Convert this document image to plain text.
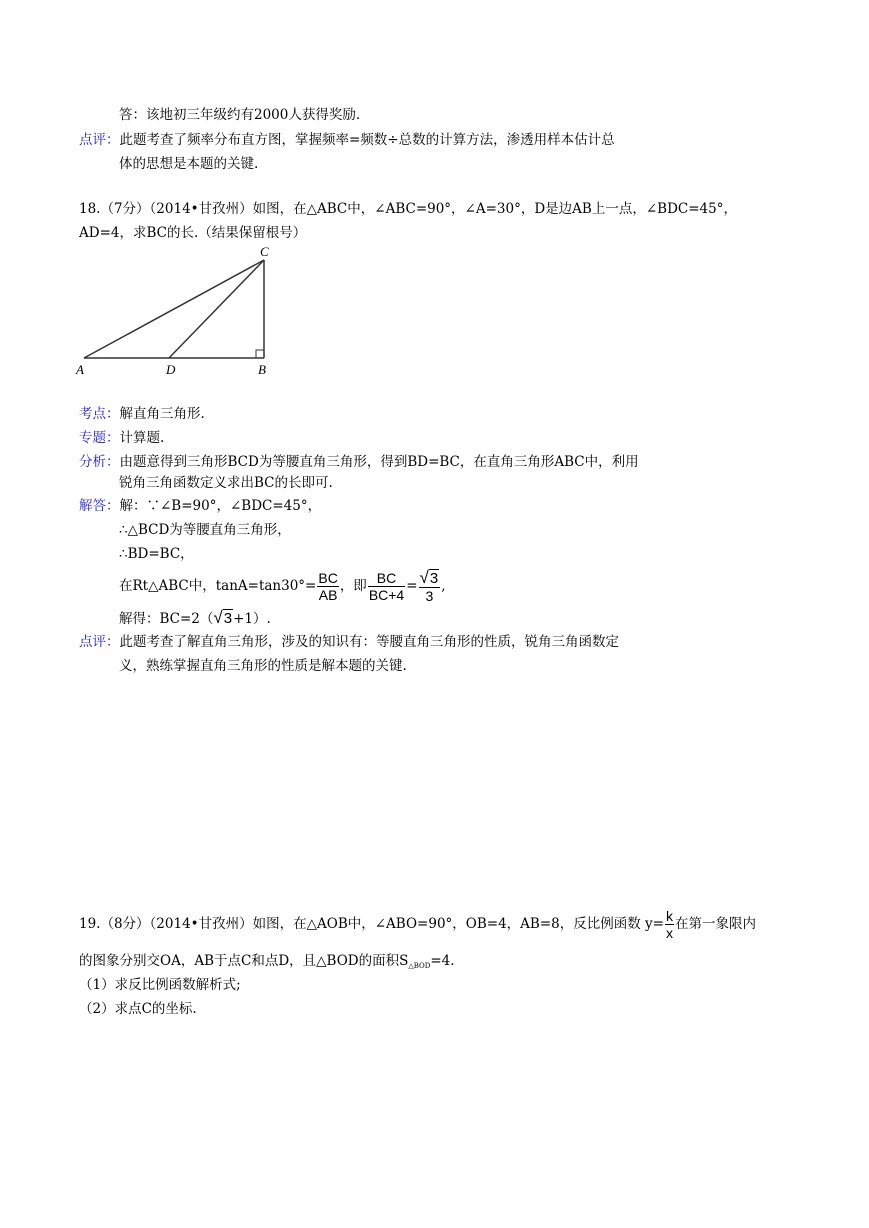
答：该地初三年级约有2000人获得奖励.
点评：此题考查了频率分布直方图，掌握频率=频数÷总数的计算方法，渗透用样本估计总
体的思想是本题的关键.
18.（7分）（2014•甘孜州）如图，在△ABC中，∠ABC=90°，∠A=30°，D是边AB上一点，∠BDC=45°，
AD=4，求BC的长.（结果保留根号）
C
A	D	B
考点：解直角三角形.
专题：计算题.
分析：由题意得到三角形BCD为等腰直角三角形，得到BD=BC，在直角三角形ABC中，利用
锐角三角函数定义求出BC的长即可.
解答：解：∵∠B=90°，∠BDC=45°，
∴△BCD为等腰直角三角形，
∴BD=BC，
在Rt△ABC中，$\tan A=\tan 30^\circ= \frac{BC}{AB}$ ，即 $\frac{BC}{BC+4} = \frac{√3}{3}$ ,
解得：BC=2（√3+1）.
点评：此题考查了解直角三角形，涉及的知识有：等腰直角三角形的性质，锐角三角函数定
义，熟练掌握直角三角形的性质是解本题的关键.
19.（8分）（2014•甘孜州）如图，在△AOB中，∠ABO=90°，OB=4，AB=8，反比例函数 $y= \frac{k}{x}$ 在第一象限内
的图象分别交OA，AB于点C和点D，且△BOD的面积$S_{\triangle BOD}=4$.
（1）求反比例函数解析式;
（2）求点C的坐标.
